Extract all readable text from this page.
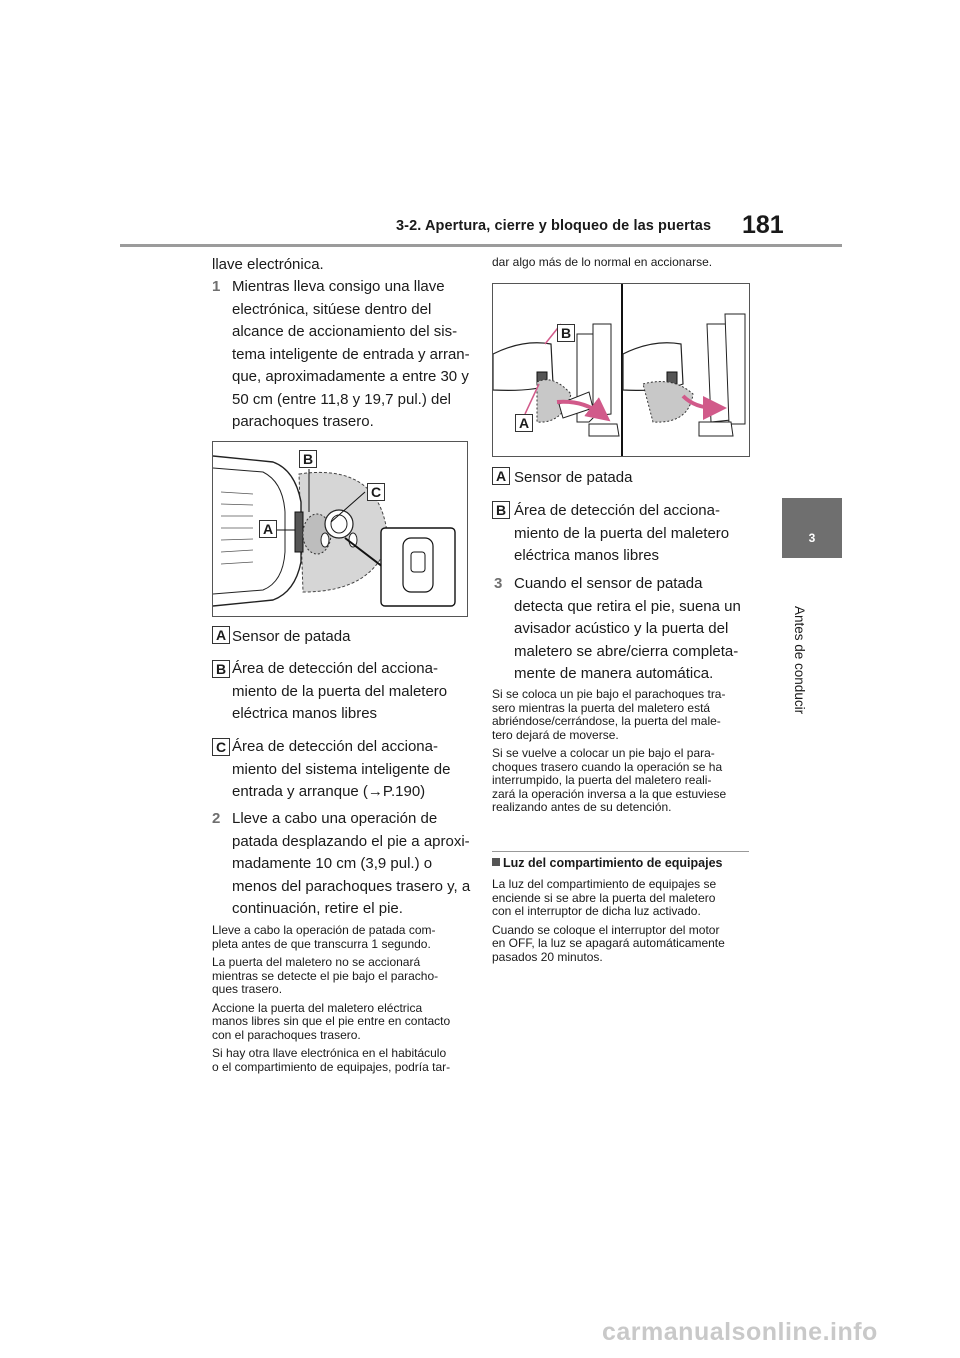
3-2. Apertura, cierre y bloqueo de las puertas 181
3
Antes de conducir
llave electrónica.
1 Mientras lleva consigo una llave
electrónica, sitúese dentro del
alcance de accionamiento del sis-
tema inteligente de entrada y arran-
que, aproximadamente a entre 30 y
50 cm (entre 11,8 y 19,7 pul.) del
parachoques trasero.
B
C
A
A Sensor de patada
B Área de detección del acciona-
miento de la puerta del maletero
eléctrica manos libres
C Área de detección del acciona-
miento del sistema inteligente de
entrada y arranque (→P.190)
2 Lleve a cabo una operación de
patada desplazando el pie a aproxi-
madamente 10 cm (3,9 pul.) o
menos del parachoques trasero y, a
continuación, retire el pie.

Lleve a cabo la operación de patada com-
pleta antes de que transcurra 1 segundo.

La puerta del maletero no se accionará
mientras se detecte el pie bajo el paracho-
ques trasero.

Accione la puerta del maletero eléctrica
manos libres sin que el pie entre en contacto
con el parachoques trasero.

Si hay otra llave electrónica en el habitáculo
o el compartimiento de equipajes, podría tar-

dar algo más de lo normal en accionarse.
B
A
A Sensor de patada
B Área de detección del acciona-
miento de la puerta del maletero
eléctrica manos libres
3 Cuando el sensor de patada
detecta que retira el pie, suena un
avisador acústico y la puerta del
maletero se abre/cierra completa-
mente de manera automática.

Si se coloca un pie bajo el parachoques tra-
sero mientras la puerta del maletero está
abriéndose/cerrándose, la puerta del male-
tero dejará de moverse.

Si se vuelve a colocar un pie bajo el para-
choques trasero cuando la operación se ha
interrumpido, la puerta del maletero reali-
zará la operación inversa a la que estuviese
realizando antes de su detención.

Luz del compartimiento de equipajes

La luz del compartimiento de equipajes se
enciende si se abre la puerta del maletero
con el interruptor de dicha luz activado.

Cuando se coloque el interruptor del motor
en OFF, la luz se apagará automáticamente
pasados 20 minutos.

carmanualsonline.info
